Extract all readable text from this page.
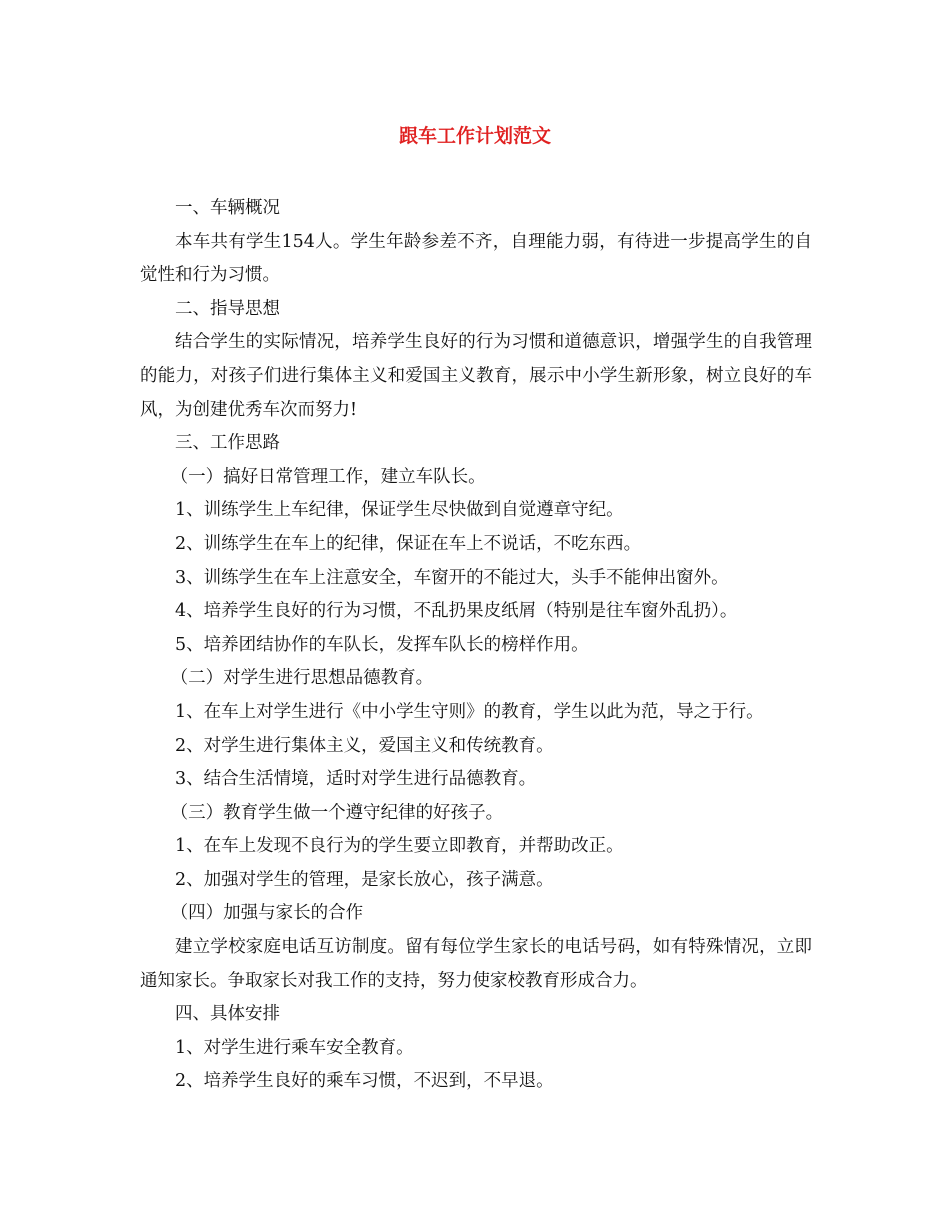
跟车工作计划范文

一、车辆概况

本车共有学生154人。学生年龄参差不齐，自理能力弱，有待进一步提高学生的自觉性和行为习惯。

二、指导思想

结合学生的实际情况，培养学生良好的行为习惯和道德意识，增强学生的自我管理的能力，对孩子们进行集体主义和爱国主义教育，展示中小学生新形象，树立良好的车风，为创建优秀车次而努力!

三、工作思路

（一）搞好日常管理工作，建立车队长。

1、训练学生上车纪律，保证学生尽快做到自觉遵章守纪。

2、训练学生在车上的纪律，保证在车上不说话，不吃东西。

3、训练学生在车上注意安全，车窗开的不能过大，头手不能伸出窗外。

4、培养学生良好的行为习惯，不乱扔果皮纸屑（特别是往车窗外乱扔）。

5、培养团结协作的车队长，发挥车队长的榜样作用。

（二）对学生进行思想品德教育。

1、在车上对学生进行《中小学生守则》的教育，学生以此为范，导之于行。

2、对学生进行集体主义，爱国主义和传统教育。

3、结合生活情境，适时对学生进行品德教育。

（三）教育学生做一个遵守纪律的好孩子。

1、在车上发现不良行为的学生要立即教育，并帮助改正。

2、加强对学生的管理，是家长放心，孩子满意。

（四）加强与家长的合作

建立学校家庭电话互访制度。留有每位学生家长的电话号码，如有特殊情况，立即通知家长。争取家长对我工作的支持，努力使家校教育形成合力。

四、具体安排

1、对学生进行乘车安全教育。

2、培养学生良好的乘车习惯，不迟到，不早退。
